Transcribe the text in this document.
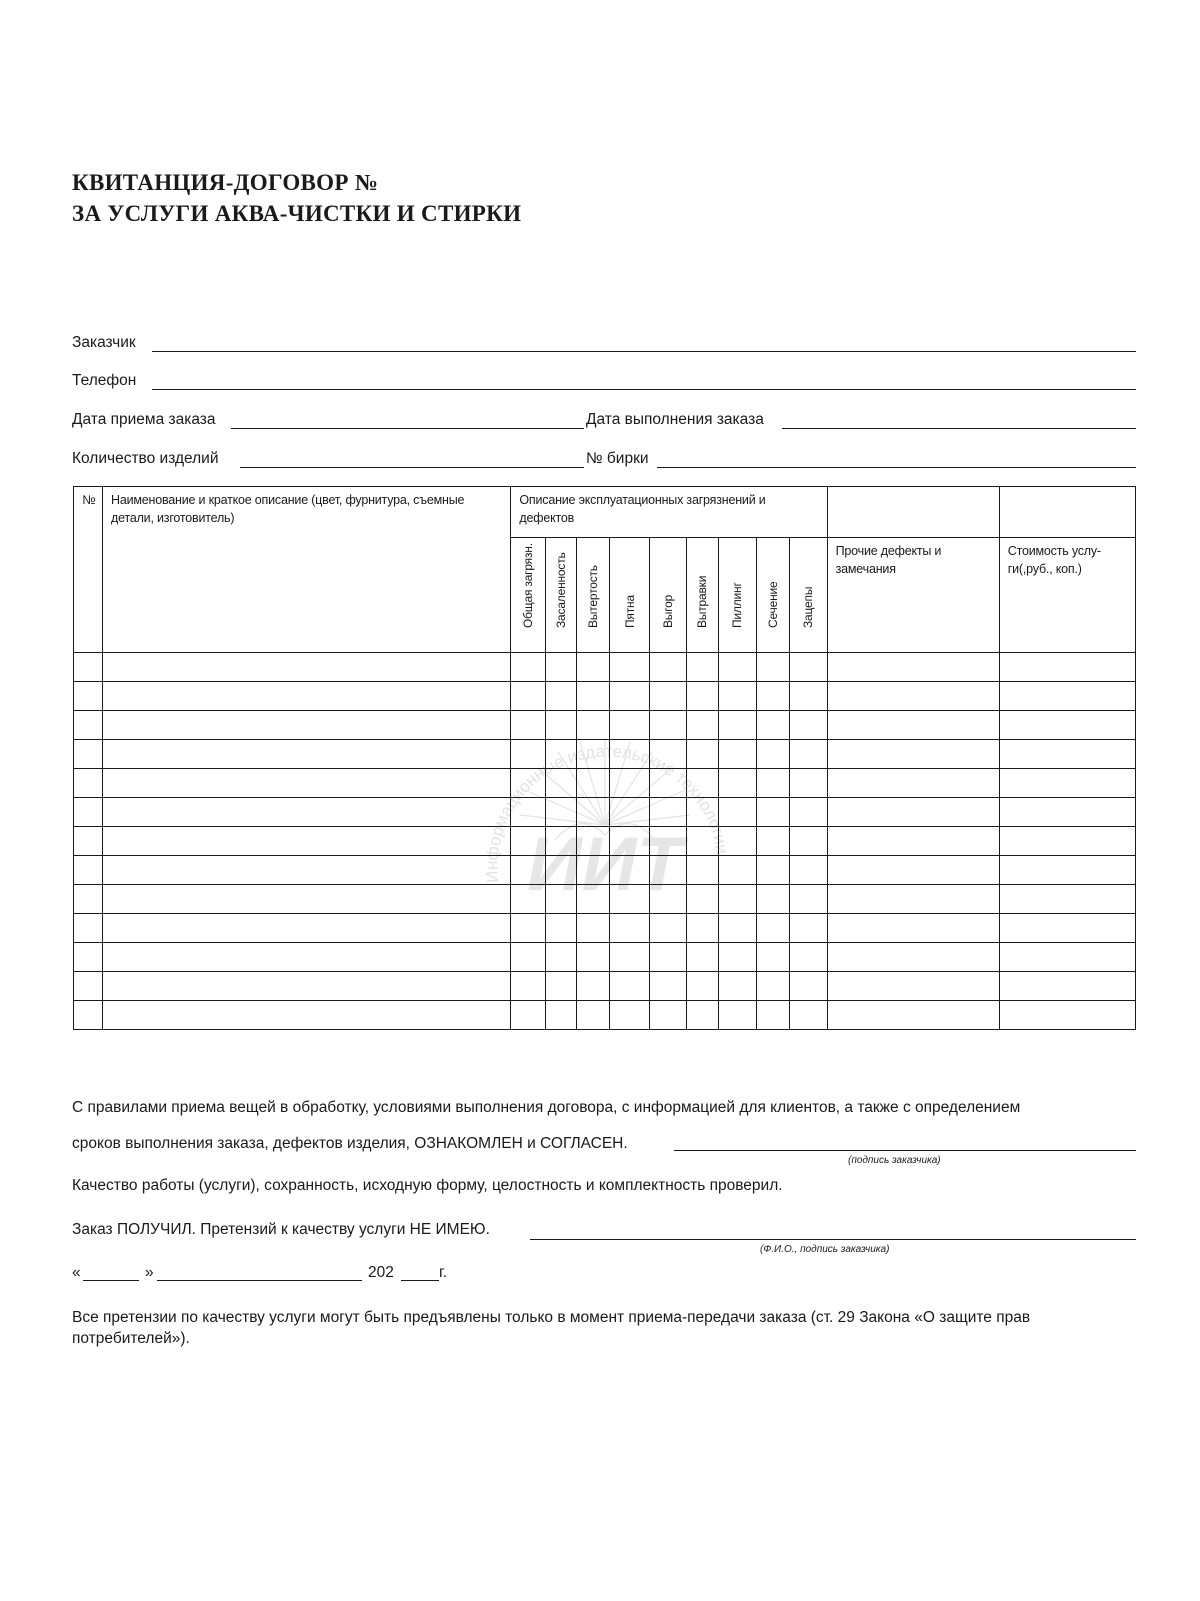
КВИТАНЦИЯ-ДОГОВОР №
ЗА УСЛУГИ АКВА-ЧИСТКИ И СТИРКИ
Заказчик
Телефон
Дата приема заказа	Дата выполнения заказа
Количество изделий	№ бирки
ИИТ
Информационные издательские технологии
№	Наименование и краткое описание (цвет, фурнитура, съемные детали, изготовитель)	Описание эксплуатационных загрязнений и дефектов										

		Общая загрязн.	Засаленность	Вытертость	Пятна	Выгор	Вытравки	Пиллинг	Сечение	Зацепы	Прочие дефекты и замечания	Стоимость услу-ги(,руб., коп.)

С правилами приема вещей в обработку, условиями выполнения договора, с информацией для клиентов, а также с определением
сроков выполнения заказа, дефектов изделия, ОЗНАКОМЛЕН и СОГЛАСЕН.
(подпись заказчика)
Качество работы (услуги), сохранность, исходную форму, целостность и комплектность проверил.
Заказ ПОЛУЧИЛ. Претензий к качеству услуги НЕ ИМЕЮ.
(Ф.И.О., подпись заказчика)
«	»	202	г.
Все претензии по качеству услуги могут быть предъявлены только в момент приема-передачи заказа (ст. 29 Закона «О защите прав
потребителей»).
